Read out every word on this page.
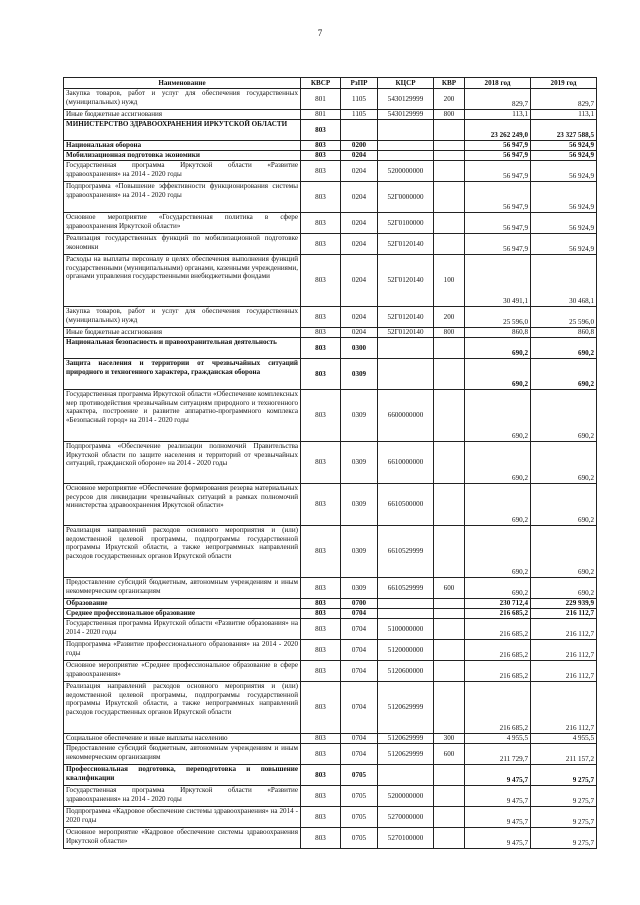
7
Наименование	КВСР	РзПР	КЦСР	КВР	2018 год	2019 год
Закупка товаров, работ и услуг для обеспечения государственных (муниципальных) нужд	801	1105	5430129999	200	829,7	829,7
Иные бюджетные ассигнования	801	1105	5430129999	800	113,1	113,1
МИНИСТЕРСТВО ЗДРАВООХРАНЕНИЯ ИРКУТСКОЙ ОБЛАСТИ	803				23 262 249,0	23 327 588,5
Национальная оборона	803	0200			56 947,9	56 924,9
Мобилизационная подготовка экономики	803	0204			56 947,9	56 924,9
Государственная программа Иркутской области «Развитие здравоохранения» на 2014 - 2020 годы	803	0204	5200000000		56 947,9	56 924,9
Подпрограмма «Повышение эффективности функционирования системы здравоохранения» на 2014 - 2020 годы	803	0204	52Г0000000		56 947,9	56 924,9
Основное мероприятие «Государственная политика в сфере здравоохранения Иркутской области»	803	0204	52Г0100000		56 947,9	56 924,9
Реализация государственных функций по мобилизационной подготовке экономики	803	0204	52Г0120140		56 947,9	56 924,9
Расходы на выплаты персоналу в целях обеспечения выполнения функций государственными (муниципальными) органами, казенными учреждениями, органами управления государственными внебюджетными фондами	803	0204	52Г0120140	100	30 491,1	30 468,1
Закупка товаров, работ и услуг для обеспечения государственных (муниципальных) нужд	803	0204	52Г0120140	200	25 596,0	25 596,0
Иные бюджетные ассигнования	803	0204	52Г0120140	800	860,8	860,8
Национальная безопасность и правоохранительная деятельность	803	0300			690,2	690,2
Защита населения и территории от чрезвычайных ситуаций природного и техногенного характера, гражданская оборона	803	0309			690,2	690,2
Государственная программа Иркутской области «Обеспечение комплексных мер противодействия чрезвычайным ситуациям природного и техногенного характера, построение и развитие аппаратно-программного комплекса «Безопасный город» на 2014 - 2020 годы	803	0309	6600000000		690,2	690,2
Подпрограмма «Обеспечение реализации полномочий Правительства Иркутской области по защите населения и территорий от чрезвычайных ситуаций, гражданской обороне» на 2014 - 2020 годы	803	0309	6610000000		690,2	690,2
Основное мероприятие «Обеспечение формирования резерва материальных ресурсов для ликвидации чрезвычайных ситуаций в рамках полномочий министерства здравоохранения Иркутской области»	803	0309	6610500000		690,2	690,2
Реализация направлений расходов основного мероприятия и (или) ведомственной целевой программы, подпрограммы государственной программы Иркутской области, а также непрограммных направлений расходов государственных органов Иркутской области	803	0309	6610529999		690,2	690,2
Предоставление субсидий бюджетным, автономным учреждениям и иным некоммерческим организациям	803	0309	6610529999	600	690,2	690,2
Образование	803	0700			230 712,4	229 939,9
Среднее профессиональное образование	803	0704			216 685,2	216 112,7
Государственная программа Иркутской области «Развитие образования» на 2014 - 2020 годы	803	0704	5100000000		216 685,2	216 112,7
Подпрограмма «Развитие профессионального образования» на 2014 - 2020 годы	803	0704	5120000000		216 685,2	216 112,7
Основное мероприятие «Среднее профессиональное образование в сфере здравоохранения»	803	0704	5120600000		216 685,2	216 112,7
Реализация направлений расходов основного мероприятия и (или) ведомственной целевой программы, подпрограммы государственной программы Иркутской области, а также непрограммных направлений расходов государственных органов Иркутской области	803	0704	5120629999		216 685,2	216 112,7
Социальное обеспечение и иные выплаты населению	803	0704	5120629999	300	4 955,5	4 955,5
Предоставление субсидий бюджетным, автономным учреждениям и иным некоммерческим организациям	803	0704	5120629999	600	211 729,7	211 157,2
Профессиональная подготовка, переподготовка и повышение квалификации	803	0705			9 475,7	9 275,7
Государственная программа Иркутской области «Развитие здравоохранения» на 2014 - 2020 годы	803	0705	5200000000		9 475,7	9 275,7
Подпрограмма «Кадровое обеспечение системы здравоохранения» на 2014 - 2020 годы	803	0705	5270000000		9 475,7	9 275,7
Основное мероприятие «Кадровое обеспечение системы здравоохранения Иркутской области»	803	0705	5270100000		9 475,7	9 275,7
